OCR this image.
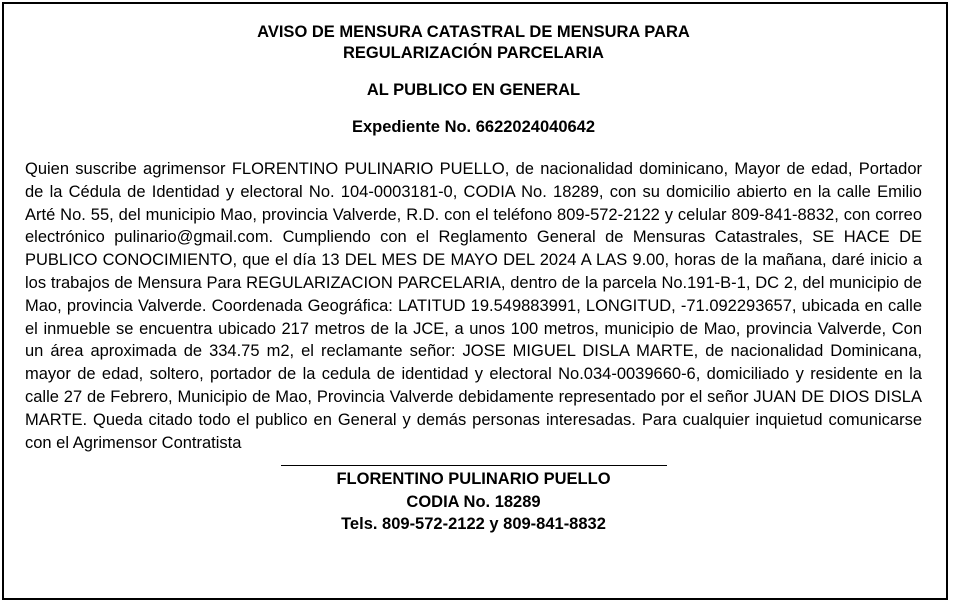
AVISO DE MENSURA CATASTRAL DE MENSURA PARA
REGULARIZACIÓN PARCELARIA

AL PUBLICO EN GENERAL

Expediente No. 6622024040642

Quien suscribe agrimensor FLORENTINO PULINARIO PUELLO, de nacionalidad dominicano, Mayor de edad, Portador de la Cédula de Identidad y electoral No. 104-0003181-0, CODIA No. 18289, con su domicilio abierto en la calle Emilio Arté No. 55, del municipio Mao, provincia Valverde, R.D. con el teléfono 809-572-2122 y celular 809-841-8832, con correo electrónico pulinario@gmail.com. Cumpliendo con el Reglamento General de Mensuras Catastrales, SE HACE DE PUBLICO CONOCIMIENTO, que el día 13 DEL MES DE MAYO DEL 2024 A LAS 9.00, horas de la mañana, daré inicio a los trabajos de Mensura Para REGULARIZACION PARCELARIA, dentro de la parcela No.191-B-1, DC 2, del municipio de Mao, provincia Valverde. Coordenada Geográfica: LATITUD 19.549883991, LONGITUD, -71.092293657, ubicada en calle el inmueble se encuentra ubicado 217 metros de la JCE, a unos 100 metros, municipio de Mao, provincia Valverde, Con un área aproximada de 334.75 m2, el reclamante señor: JOSE MIGUEL DISLA MARTE, de nacionalidad Dominicana, mayor de edad, soltero, portador de la cedula de identidad y electoral No.034-0039660-6, domiciliado y residente en la calle 27 de Febrero, Municipio de Mao, Provincia Valverde debidamente representado por el señor JUAN DE DIOS DISLA MARTE. Queda citado todo el publico en General y demás personas interesadas. Para cualquier inquietud comunicarse con el Agrimensor Contratista

FLORENTINO PULINARIO PUELLO
CODIA No. 18289
Tels. 809-572-2122 y 809-841-8832
